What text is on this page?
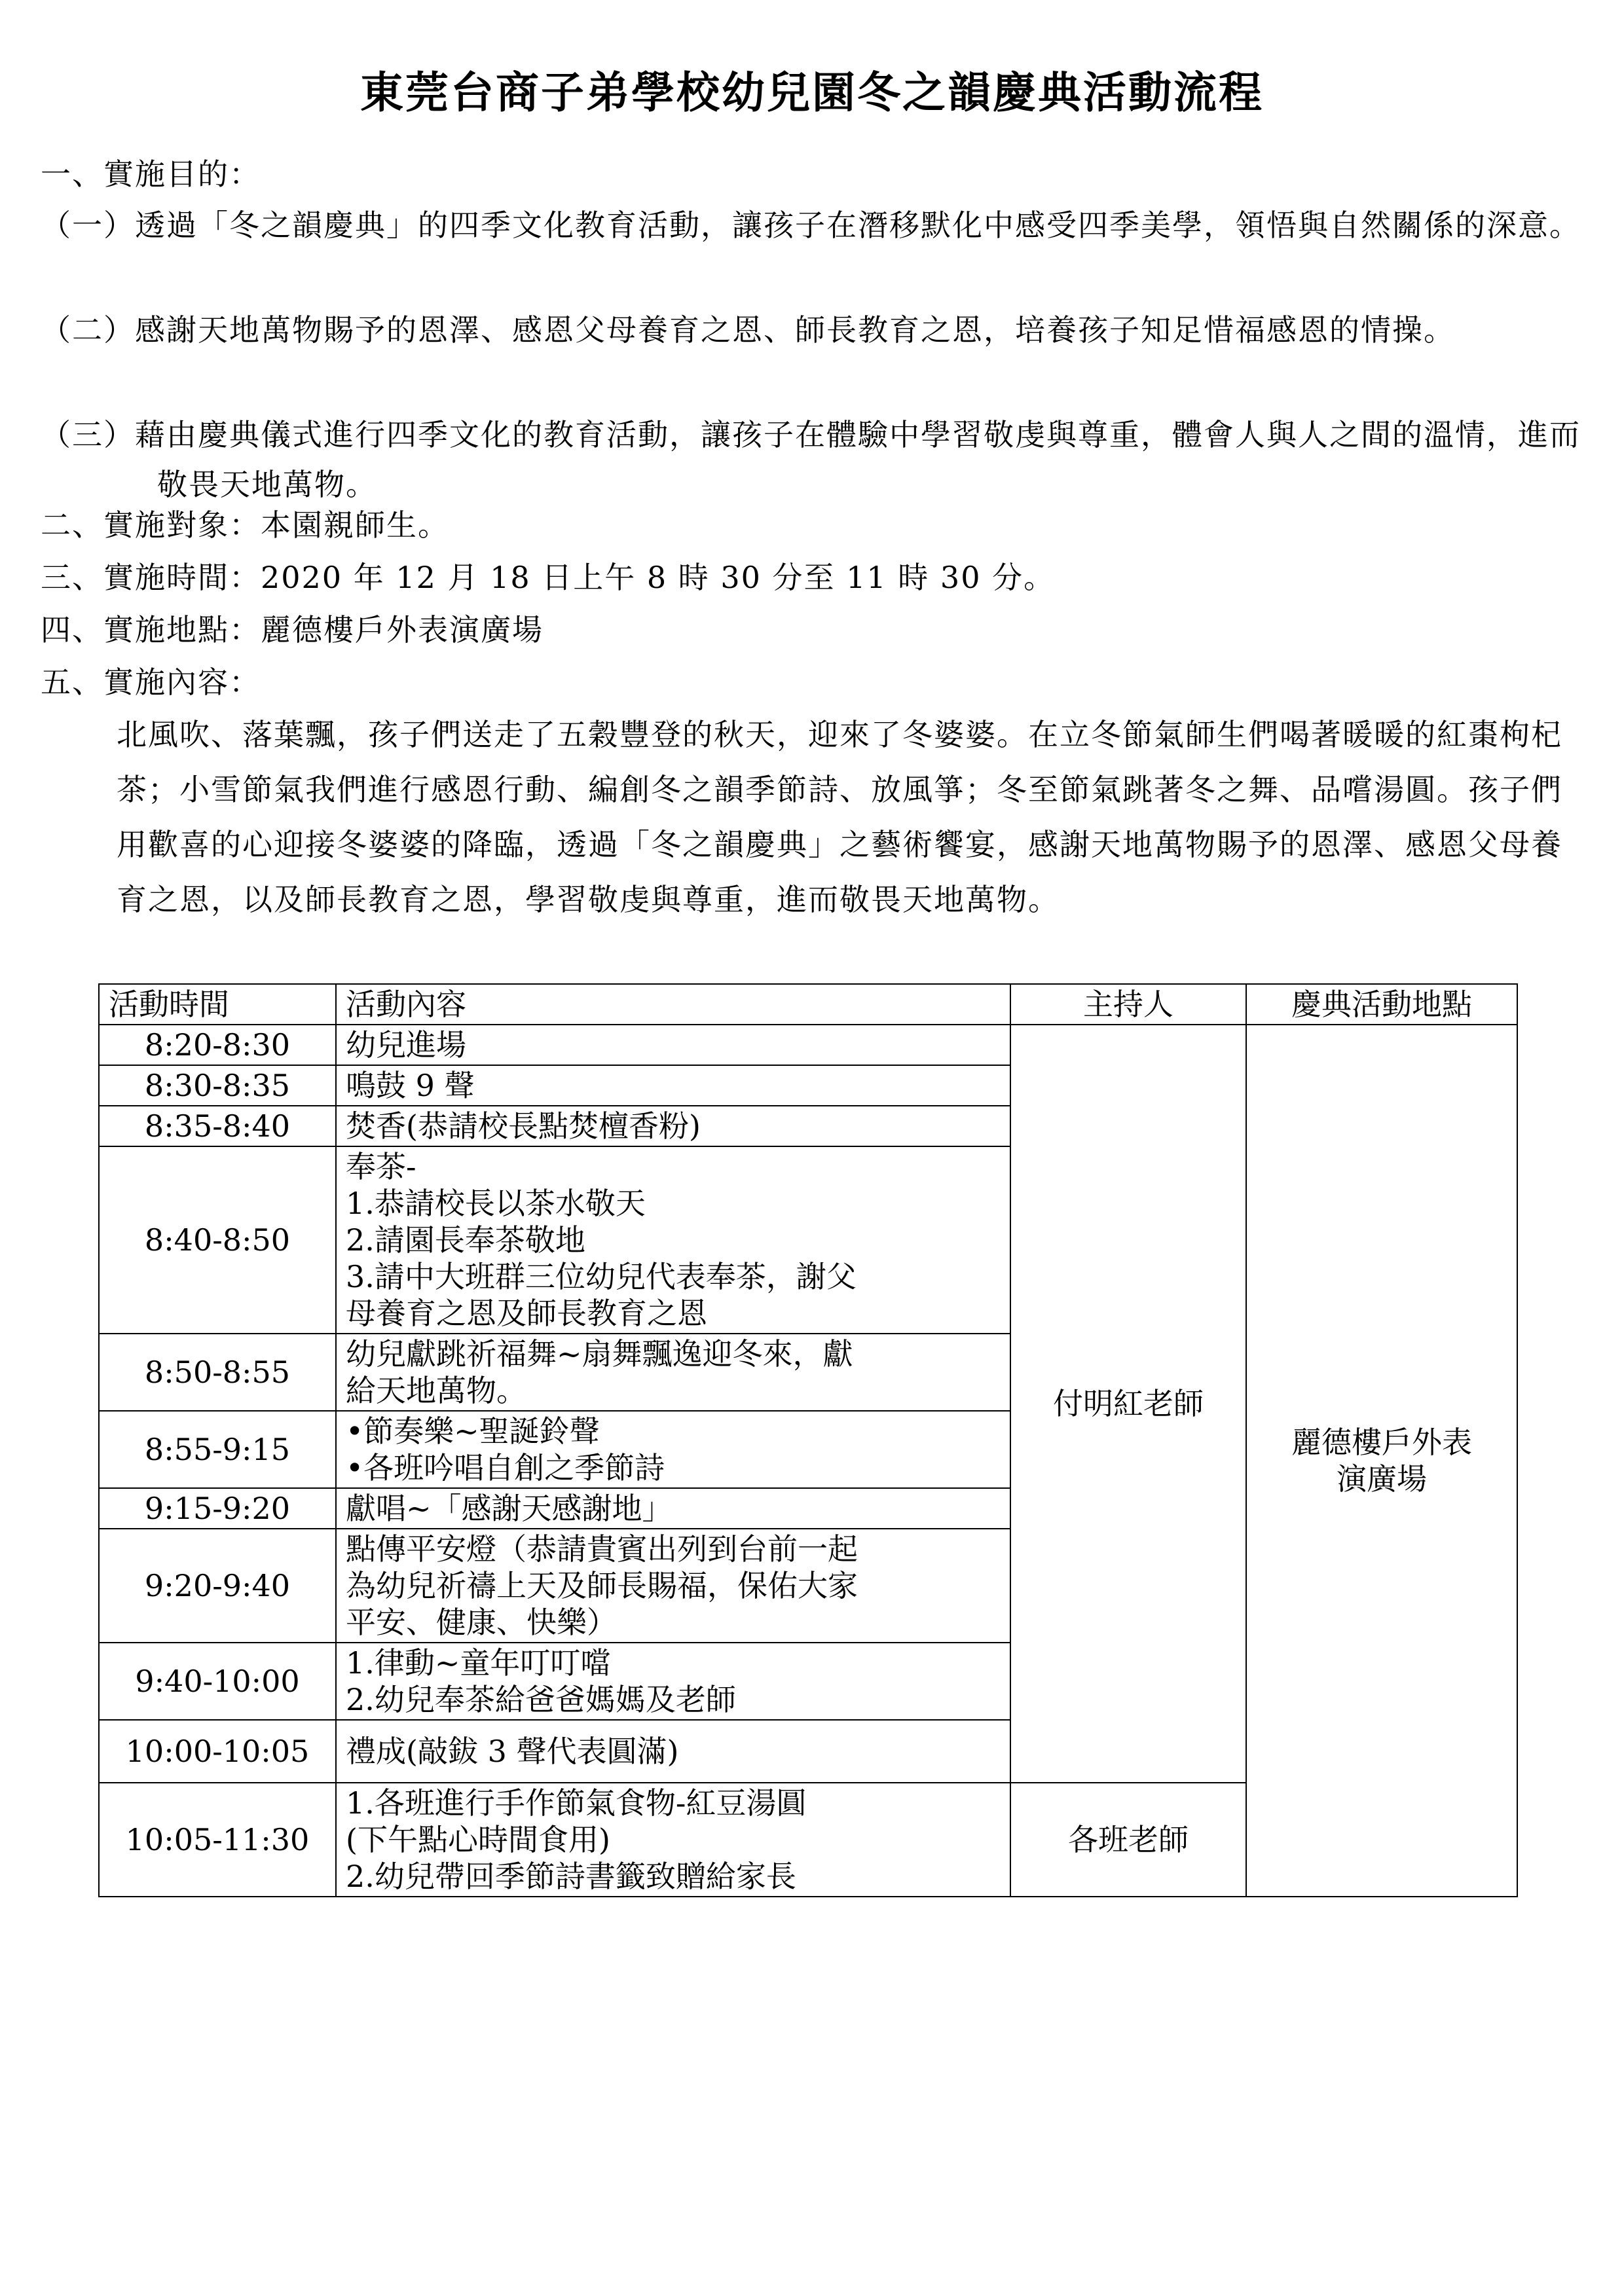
東莞台商子弟學校幼兒園冬之韻慶典活動流程
一、實施目的：
（一）透過「冬之韻慶典」的四季文化教育活動，讓孩子在潛移默化中感受四季美學，領悟與自然關係的深意。
（二）感謝天地萬物賜予的恩澤、感恩父母養育之恩、師長教育之恩，培養孩子知足惜福感恩的情操。
（三）藉由慶典儀式進行四季文化的教育活動，讓孩子在體驗中學習敬虔與尊重，體會人與人之間的溫情，進而敬畏天地萬物。
二、實施對象：本園親師生。
三、實施時間：2020 年 12 月 18 日上午 8 時 30 分至 11 時 30 分。
四、實施地點：麗德樓戶外表演廣場
五、實施內容：
北風吹、落葉飄，孩子們送走了五穀豐登的秋天，迎來了冬婆婆。在立冬節氣師生們喝著暖暖的紅棗枸杞茶；小雪節氣我們進行感恩行動、編創冬之韻季節詩、放風箏；冬至節氣跳著冬之舞、品嚐湯圓。孩子們用歡喜的心迎接冬婆婆的降臨，透過「冬之韻慶典」之藝術饗宴，感謝天地萬物賜予的恩澤、感恩父母養育之恩，以及師長教育之恩，學習敬虔與尊重，進而敬畏天地萬物。
活動時間	活動內容	主持人	慶典活動地點
8:20-8:30	幼兒進場	付明紅老師	麗德樓戶外表
演廣場

8:30-8:35	鳴鼓 9 聲		

8:35-8:40	焚香(恭請校長點焚檀香粉)		

8:40-8:50	奉茶-
1.恭請校長以茶水敬天
2.請園長奉茶敬地
3.請中大班群三位幼兒代表奉茶，謝父
母養育之恩及師長教育之恩		

8:50-8:55	幼兒獻跳祈福舞~扇舞飄逸迎冬來，獻
給天地萬物。		

8:55-9:15	•節奏樂~聖誕鈴聲
•各班吟唱自創之季節詩		

9:15-9:20	獻唱~「感謝天感謝地」		

9:20-9:40	點傳平安燈（恭請貴賓出列到台前一起
為幼兒祈禱上天及師長賜福，保佑大家
平安、健康、快樂）		

9:40-10:00	1.律動~童年叮叮噹
2.幼兒奉茶給爸爸媽媽及老師		

10:00-10:05	禮成(敲鈸 3 聲代表圓滿)		

10:05-11:30	1.各班進行手作節氣食物-紅豆湯圓
(下午點心時間食用)
2.幼兒帶回季節詩書籤致贈給家長	各班老師	
